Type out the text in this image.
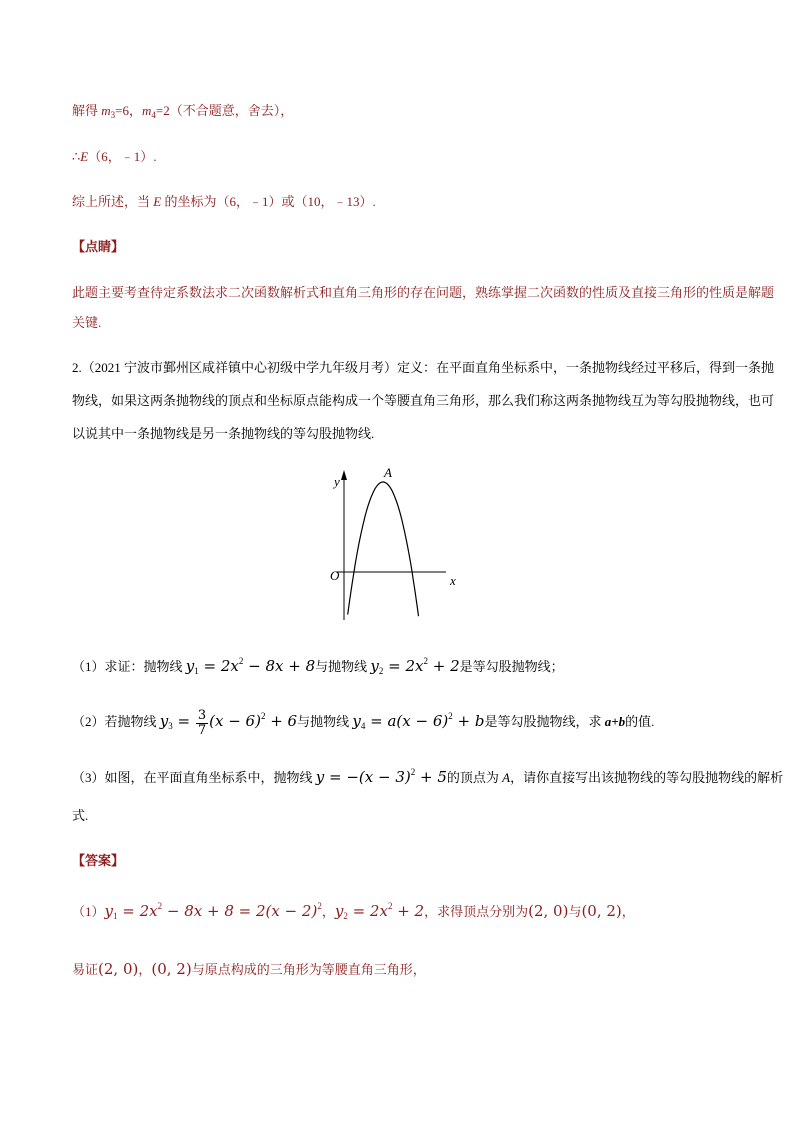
解得 $m_3=6$，$m_4=2$（不合题意，舍去），
∴E（6，﹣1）.
综上所述，当 E 的坐标为（6，﹣1）或（10，﹣13）.
【点睛】
此题主要考查待定系数法求二次函数解析式和直角三角形的存在问题，熟练掌握二次函数的性质及直接三角形的性质是解题
关键.
2.（2021 宁波市鄞州区咸祥镇中心初级中学九年级月考）定义：在平面直角坐标系中，一条抛物线经过平移后，得到一条抛
物线，如果这两条抛物线的顶点和坐标原点能构成一个等腰直角三角形，那么我们称这两条抛物线互为等勾股抛物线，也可
以说其中一条抛物线是另一条抛物线的等勾股抛物线.
y
x
O
A
（1）求证：抛物线 $y_1 = 2x^2 - 8x + 8$与抛物线 $y_2 = 2x^2 + 2$是等勾股抛物线；
（2）若抛物线 $y_3 = \frac{3}{7} (x - 6)^2 + 6$与抛物线 $y_4 = a(x - 6)^2 + b$是等勾股抛物线，求 a+b的值.
（3）如图，在平面直角坐标系中，抛物线 $y = -(x - 3)^2 + 5$的顶点为 A，请你直接写出该抛物线的等勾股抛物线的解析
式.
【答案】
$(1)y_1 = 2x^2 - 8x + 8 = 2(x - 2)^2$，$y_2 = 2x^2 + 2$，求得顶点分别为(2, 0)与(0, 2)，
易证(2, 0)，(0, 2)与原点构成的三角形为等腰直角三角形，
